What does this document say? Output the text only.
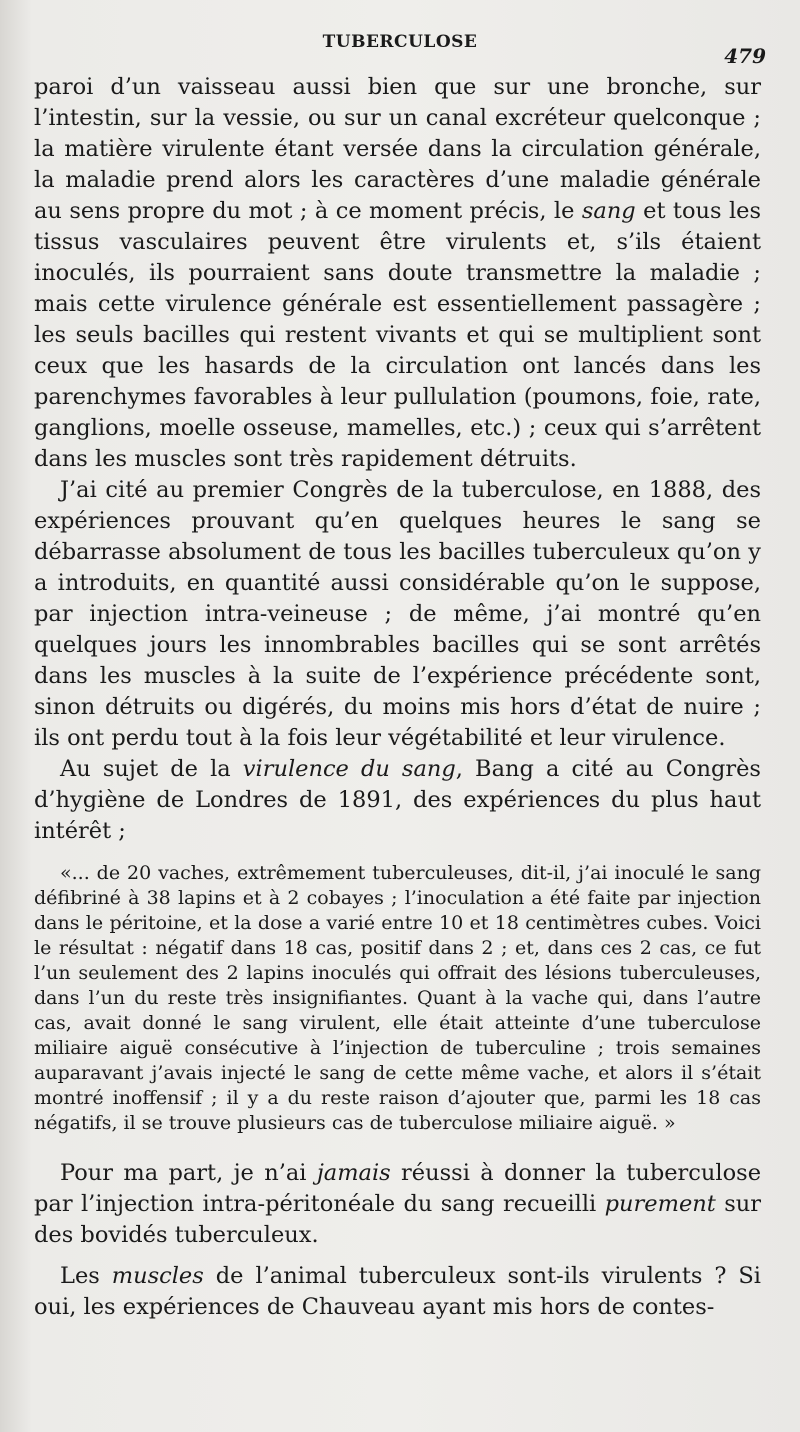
TUBERCULOSE
479

paroi d’un vaisseau aussi bien que sur une bronche, sur l’intestin, sur la vessie, ou sur un canal excréteur quelconque ; la matière virulente étant versée dans la circulation générale, la maladie prend alors les caractères d’une maladie générale au sens propre du mot ; à ce moment précis, le sang et tous les tissus vasculaires peuvent être virulents et, s’ils étaient inoculés, ils pourraient sans doute transmettre la maladie ; mais cette virulence générale est essentiellement passagère ; les seuls bacilles qui restent vivants et qui se multiplient sont ceux que les hasards de la circulation ont lancés dans les parenchymes favorables à leur pullulation (poumons, foie, rate, ganglions, moelle osseuse, mamelles, etc.) ; ceux qui s’arrêtent dans les muscles sont très rapidement détruits.

J’ai cité au premier Congrès de la tuberculose, en 1888, des expériences prouvant qu’en quelques heures le sang se débarrasse absolument de tous les bacilles tuberculeux qu’on y a introduits, en quantité aussi considérable qu’on le suppose, par injection intra-veineuse ; de même, j’ai montré qu’en quelques jours les innombrables bacilles qui se sont arrêtés dans les muscles à la suite de l’expérience précédente sont, sinon détruits ou digérés, du moins mis hors d’état de nuire ; ils ont perdu tout à la fois leur végétabilité et leur virulence.

Au sujet de la virulence du sang, Bang a cité au Congrès d’hygiène de Londres de 1891, des expériences du plus haut intérêt ;

«... de 20 vaches, extrêmement tuberculeuses, dit-il, j’ai inoculé le sang défibriné à 38 lapins et à 2 cobayes ; l’inoculation a été faite par injection dans le péritoine, et la dose a varié entre 10 et 18 centimètres cubes. Voici le résultat : négatif dans 18 cas, positif dans 2 ; et, dans ces 2 cas, ce fut l’un seulement des 2 lapins inoculés qui offrait des lésions tuberculeuses, dans l’un du reste très insignifiantes. Quant à la vache qui, dans l’autre cas, avait donné le sang virulent, elle était atteinte d’une tuberculose miliaire aiguë consécutive à l’injection de tuberculine ; trois semaines auparavant j’avais injecté le sang de cette même vache, et alors il s’était montré inoffensif ; il y a du reste raison d’ajouter que, parmi les 18 cas négatifs, il se trouve plusieurs cas de tuberculose miliaire aiguë. »

Pour ma part, je n’ai jamais réussi à donner la tuberculose par l’injection intra-péritonéale du sang recueilli purement sur des bovidés tuberculeux.

Les muscles de l’animal tuberculeux sont-ils virulents ? Si oui, les expériences de Chauveau ayant mis hors de contes-
